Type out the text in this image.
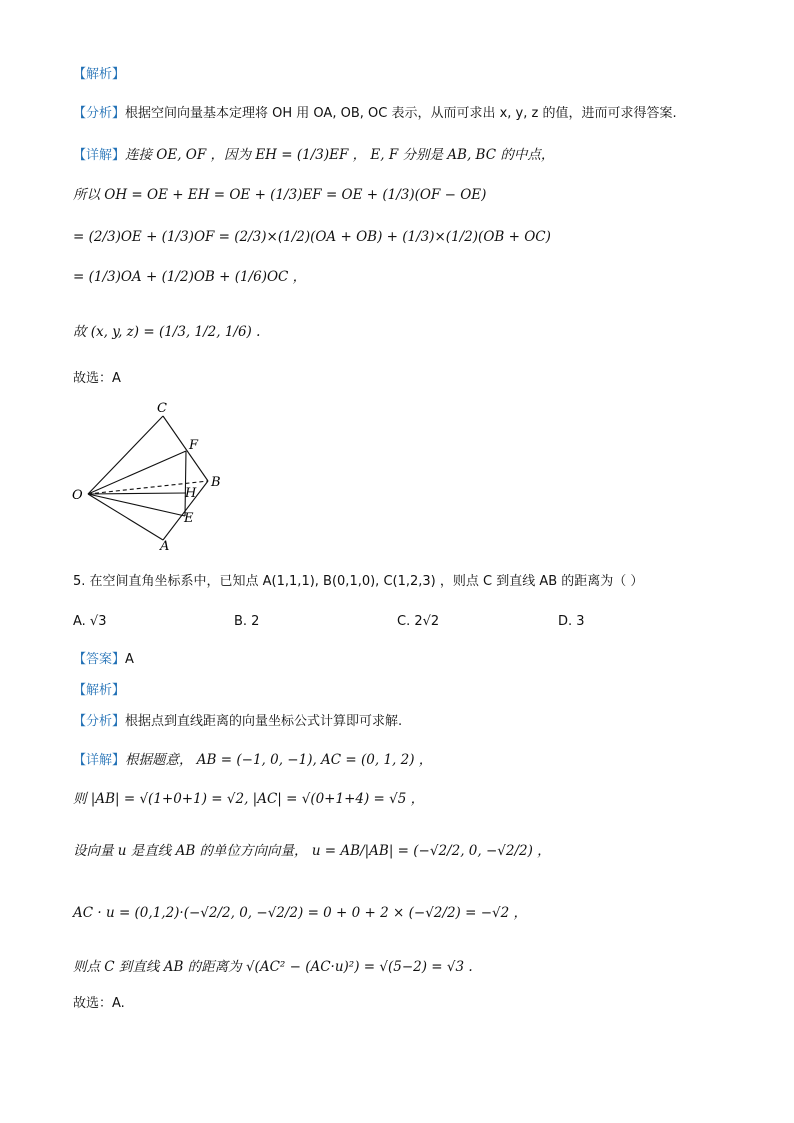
【解析】
【分析】根据空间向量基本定理将 OH 用 OA, OB, OC 表示，从而可求出 x, y, z 的值，进而可求得答案.
【详解】连接 OE, OF ，因为 EH = (1/3)EF ， E, F 分别是 AB, BC 的中点，
所以 OH = OE + EH = OE + (1/3)EF = OE + (1/3)(OF − OE)
= (2/3)OE + (1/3)OF = (2/3)×(1/2)(OA + OB) + (1/3)×(1/2)(OB + OC)
= (1/3)OA + (1/2)OB + (1/6)OC ，
故 (x, y, z) = (1/3, 1/2, 1/6) .
故选：A
C
F
B
O	H
E
A
5. 在空间直角坐标系中，已知点 A(1,1,1), B(0,1,0), C(1,2,3) ，则点 C 到直线 AB 的距离为（ ）
A. √3	B. 2	C. 2√2	D. 3
【答案】A
【解析】
【分析】根据点到直线距离的向量坐标公式计算即可求解.
【详解】根据题意， AB = (−1, 0, −1), AC = (0, 1, 2) ，
则 |AB| = √(1+0+1) = √2, |AC| = √(0+1+4) = √5 ，
设向量 u 是直线 AB 的单位方向向量， u = AB/|AB| = (−√2/2, 0, −√2/2) ，
AC · u = (0,1,2)·(−√2/2, 0, −√2/2) = 0 + 0 + 2 × (−√2/2) = −√2 ，
则点 C 到直线 AB 的距离为 √(AC² − (AC·u)²) = √(5−2) = √3 .
故选：A.
